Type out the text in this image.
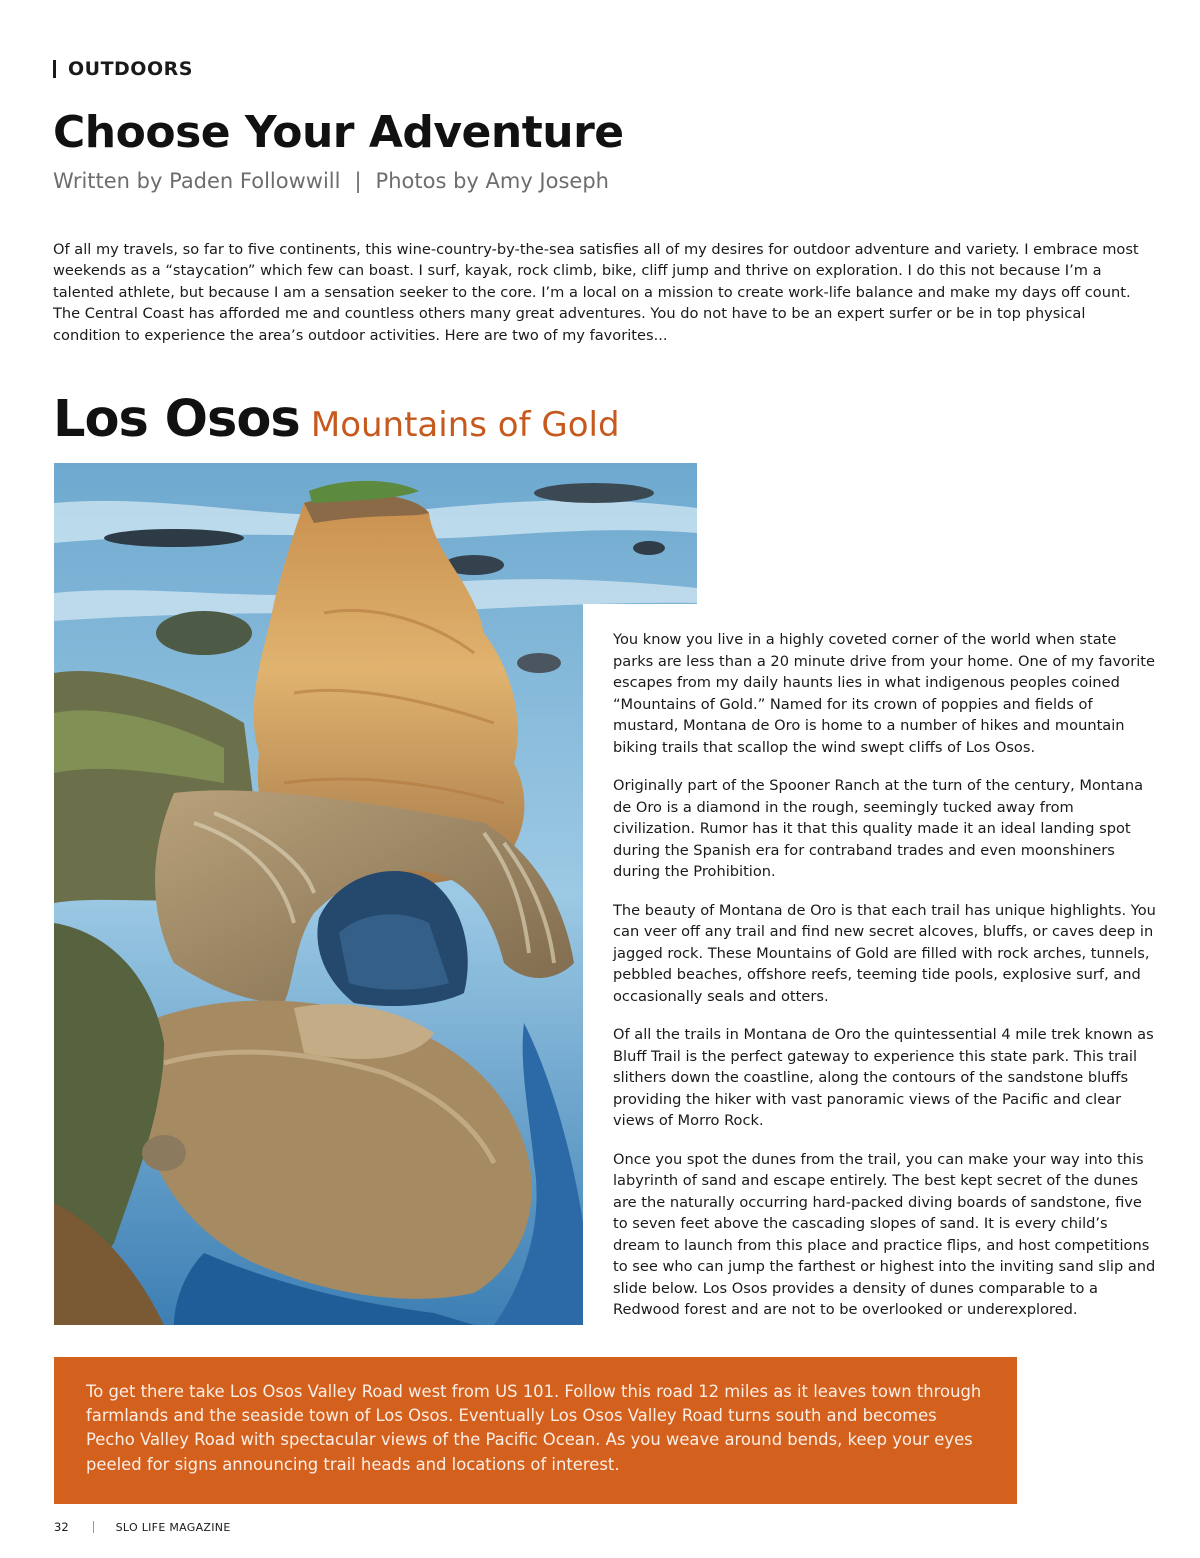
OUTDOORS
Choose Your Adventure
Written by Paden Followwill | Photos by Amy Joseph

Of all my travels, so far to five continents, this wine-country-by-the-sea satisfies all of my desires for outdoor adventure and variety. I embrace most weekends as a “staycation” which few can boast. I surf, kayak, rock climb, bike, cliff jump and thrive on exploration. I do this not because I’m a talented athlete, but because I am a sensation seeker to the core. I’m a local on a mission to create work-life balance and make my days off count. The Central Coast has afforded me and countless others many great adventures. You do not have to be an expert surfer or be in top physical condition to experience the area’s outdoor activities. Here are two of my favorites...

Los Osos Mountains of Gold

You know you live in a highly coveted corner of the world when state parks are less than a 20 minute drive from your home. One of my favorite escapes from my daily haunts lies in what indigenous peoples coined “Mountains of Gold.” Named for its crown of poppies and fields of mustard, Montana de Oro is home to a number of hikes and mountain biking trails that scallop the wind swept cliffs of Los Osos.

Originally part of the Spooner Ranch at the turn of the century, Montana de Oro is a diamond in the rough, seemingly tucked away from civilization. Rumor has it that this quality made it an ideal landing spot during the Spanish era for contraband trades and even moonshiners during the Prohibition.

The beauty of Montana de Oro is that each trail has unique highlights. You can veer off any trail and find new secret alcoves, bluffs, or caves deep in jagged rock. These Mountains of Gold are filled with rock arches, tunnels, pebbled beaches, offshore reefs, teeming tide pools, explosive surf, and occasionally seals and otters.

Of all the trails in Montana de Oro the quintessential 4 mile trek known as Bluff Trail is the perfect gateway to experience this state park. This trail slithers down the coastline, along the contours of the sandstone bluffs providing the hiker with vast panoramic views of the Pacific and clear views of Morro Rock.

Once you spot the dunes from the trail, you can make your way into this labyrinth of sand and escape entirely. The best kept secret of the dunes are the naturally occurring hard-packed diving boards of sandstone, five to seven feet above the cascading slopes of sand. It is every child’s dream to launch from this place and practice flips, and host competitions to see who can jump the farthest or highest into the inviting sand slip and slide below. Los Osos provides a density of dunes comparable to a Redwood forest and are not to be overlooked or underexplored.

To get there take Los Osos Valley Road west from US 101. Follow this road 12 miles as it leaves town through farmlands and the seaside town of Los Osos. Eventually Los Osos Valley Road turns south and becomes Pecho Valley Road with spectacular views of the Pacific Ocean. As you weave around bends, keep your eyes peeled for signs announcing trail heads and locations of interest.
32	SLO LIFE MAGAZINE
